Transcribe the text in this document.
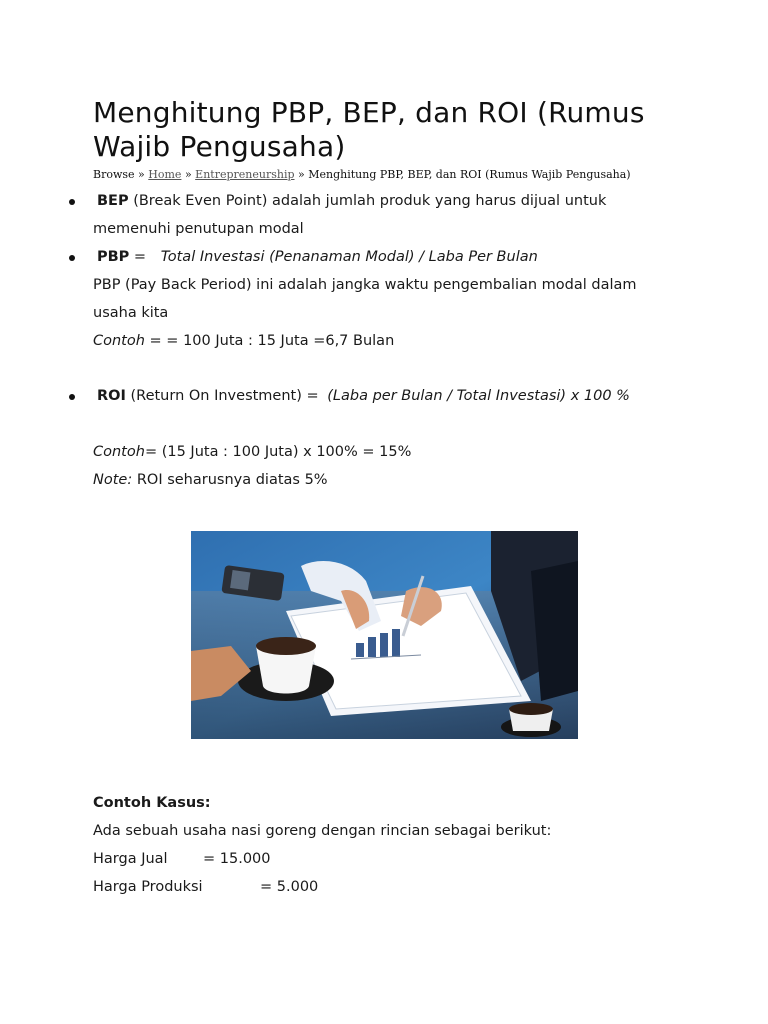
Menghitung PBP, BEP, dan ROI (Rumus Wajib Pengusaha)
Browse » Home » Entrepreneurship » Menghitung PBP, BEP, dan ROI (Rumus Wajib Pengusaha)
BEP (Break Even Point) adalah jumlah produk yang harus dijual untuk
memenuhi penutupan modal
PBP = Total Investasi (Penanaman Modal) / Laba Per Bulan
PBP (Pay Back Period) ini adalah jangka waktu pengembalian modal dalam
usaha kita
Contoh = = 100 Juta : 15 Juta =6,7 Bulan
ROI (Return On Investment) = (Laba per Bulan / Total Investasi) x 100 %
Contoh= (15 Juta : 100 Juta) x 100% = 15%
Note: ROI seharusnya diatas 5%
Contoh Kasus:
Ada sebuah usaha nasi goreng dengan rincian sebagai berikut:
Harga Jual = 15.000
Harga Produksi	= 5.000
